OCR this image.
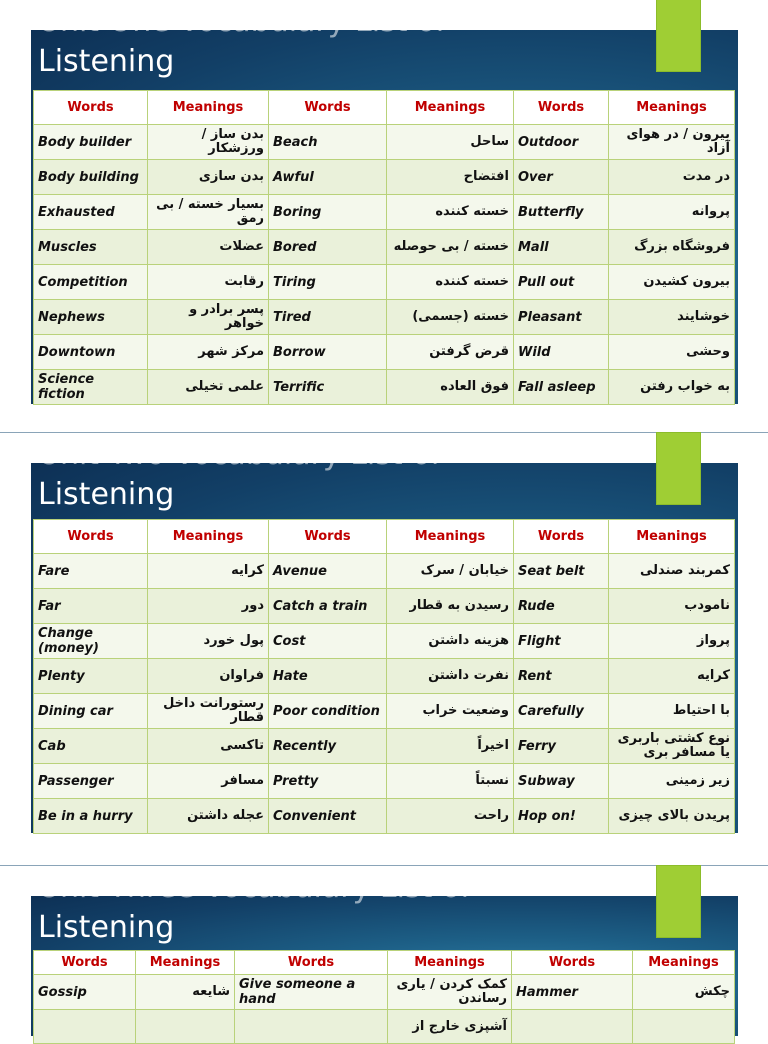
Unit One Vocabulary List of
Listening
Words	Meanings	Words	Meanings	Words	Meanings
Body builder	بدن ساز / ورزشکار	Beach	ساحل	Outdoor	بیرون / در هوای آزاد
Body building	بدن سازی	Awful	افتضاح	Over	در مدت
Exhausted	بسیار خسته / بی رمق	Boring	خسته کننده	Butterfly	پروانه
Muscles	عضلات	Bored	خسته / بی حوصله	Mall	فروشگاه بزرگ
Competition	رقابت	Tiring	خسته کننده	Pull out	بیرون کشیدن
Nephews	پسر برادر و خواهر	Tired	خسته (جسمی)	Pleasant	خوشایند
Downtown	مرکز شهر	Borrow	قرض گرفتن	Wild	وحشی
Science fiction	علمی تخیلی	Terrific	فوق العاده	Fall asleep	به خواب رفتن
Unit Two Vocabulary List of
Listening
Words	Meanings	Words	Meanings	Words	Meanings
Fare	کرایه	Avenue	خیابان / سرک	Seat belt	کمربند صندلی
Far	دور	Catch a train	رسیدن به قطار	Rude	نامودب
Change (money)	پول خورد	Cost	هزینه داشتن	Flight	پرواز
Plenty	فراوان	Hate	نفرت داشتن	Rent	کرایه
Dining car	رستورانت داخل قطار	Poor condition	وضعیت خراب	Carefully	با احتیاط
Cab	تاکسی	Recently	اخیراً	Ferry	نوع کشتی باربری یا مسافر بری
Passenger	مسافر	Pretty	نسبتاً	Subway	زیر زمینی
Be in a hurry	عجله داشتن	Convenient	راحت	Hop on!	پریدن بالای چیزی
Unit Three Vocabulary List of
Listening
Words	Meanings	Words	Meanings	Words	Meanings
Gossip	شایعه	Give someone a hand	کمک کردن / یاری رساندن	Hammer	چکش
			آشپزی خارج از		
